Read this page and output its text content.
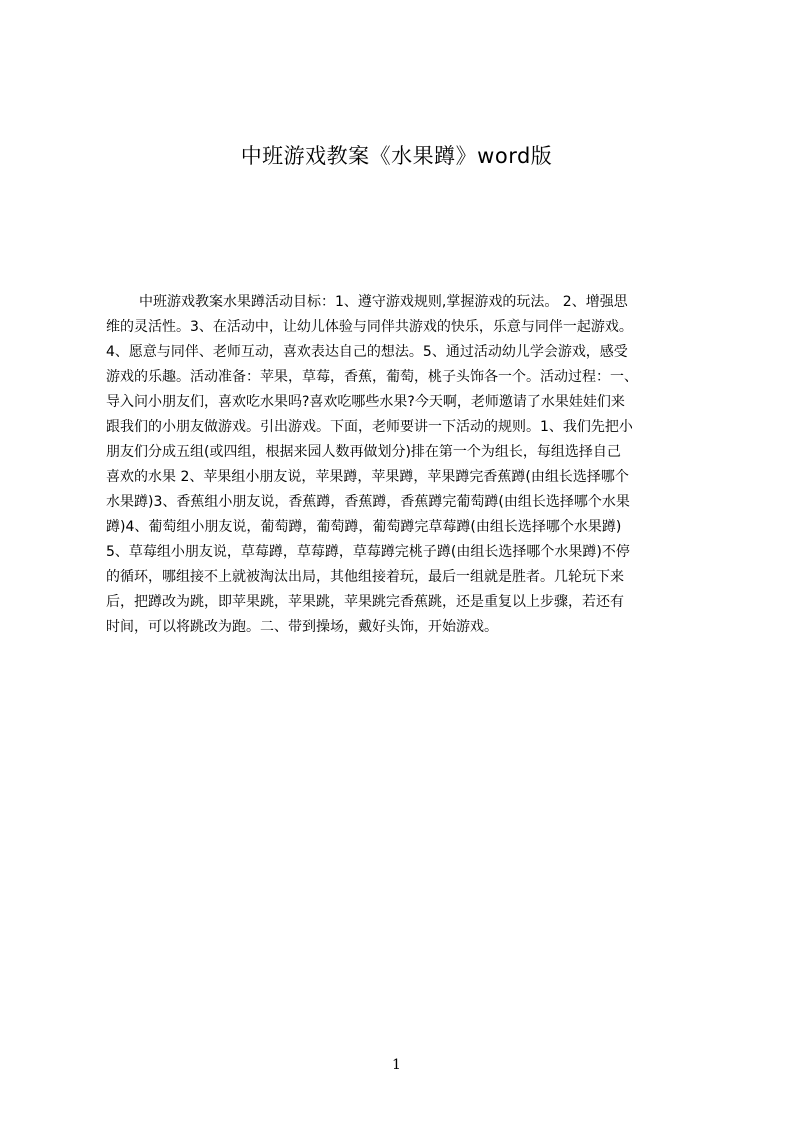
中班游戏教案《水果蹲》word版
中班游戏教案水果蹲活动目标：1、遵守游戏规则,掌握游戏的玩法。 2、增强思
维的灵活性。3、在活动中，让幼儿体验与同伴共游戏的快乐，乐意与同伴一起游戏。
4、愿意与同伴、老师互动，喜欢表达自己的想法。5、通过活动幼儿学会游戏，感受
游戏的乐趣。活动准备：苹果，草莓，香蕉，葡萄，桃子头饰各一个。活动过程：一、
导入问小朋友们，喜欢吃水果吗?喜欢吃哪些水果?今天啊，老师邀请了水果娃娃们来
跟我们的小朋友做游戏。引出游戏。下面，老师要讲一下活动的规则。1、我们先把小
朋友们分成五组(或四组，根据来园人数再做划分)排在第一个为组长，每组选择自己
喜欢的水果 2、苹果组小朋友说，苹果蹲，苹果蹲，苹果蹲完香蕉蹲(由组长选择哪个
水果蹲)3、香蕉组小朋友说，香蕉蹲，香蕉蹲，香蕉蹲完葡萄蹲(由组长选择哪个水果
蹲)4、葡萄组小朋友说，葡萄蹲，葡萄蹲，葡萄蹲完草莓蹲(由组长选择哪个水果蹲)
5、草莓组小朋友说，草莓蹲，草莓蹲，草莓蹲完桃子蹲(由组长选择哪个水果蹲)不停
的循环，哪组接不上就被淘汰出局，其他组接着玩，最后一组就是胜者。几轮玩下来
后，把蹲改为跳，即苹果跳，苹果跳，苹果跳完香蕉跳，还是重复以上步骤，若还有
时间，可以将跳改为跑。二、带到操场，戴好头饰，开始游戏。
1
